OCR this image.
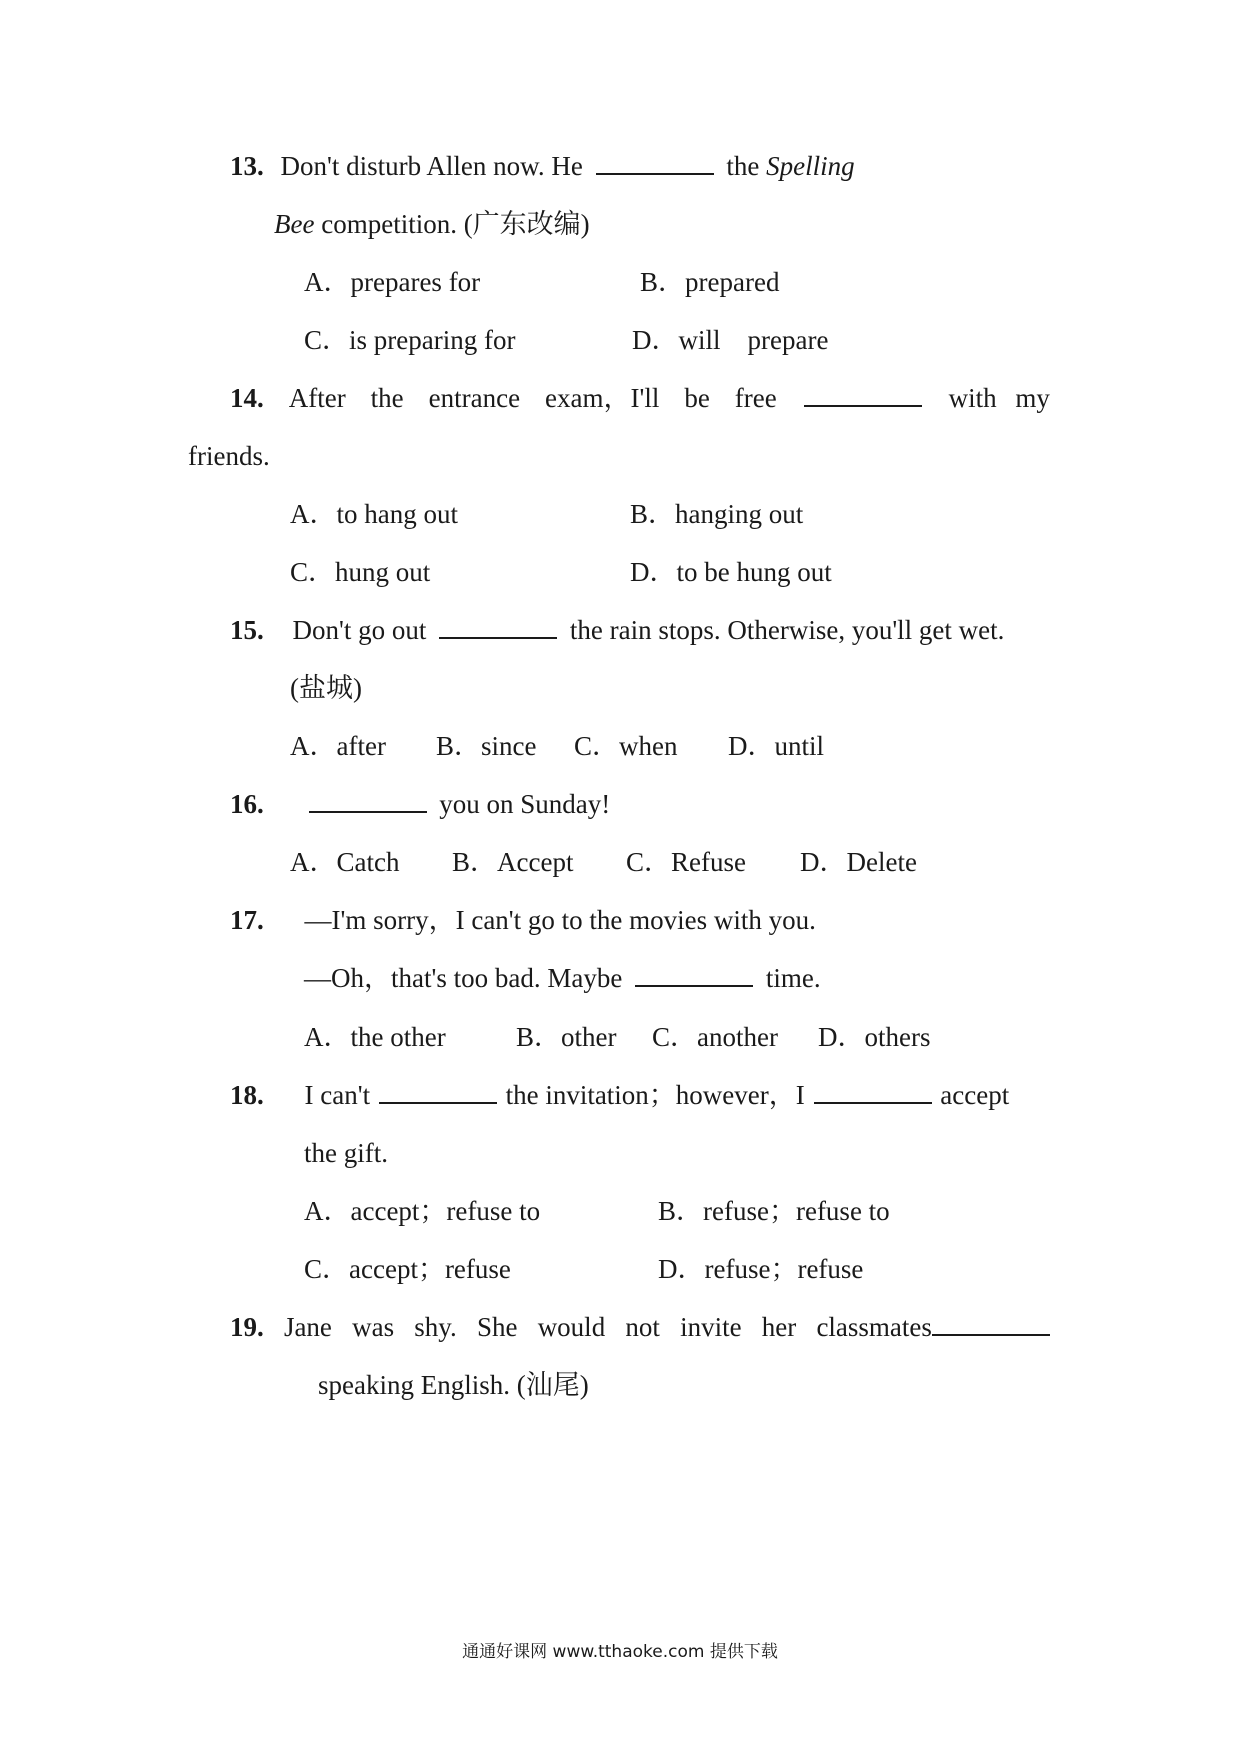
13. Don't disturb Allen now. He	the Spelling
Bee competition. (广东改编)
A．prepares for	B．prepared
C．is preparing for	D．will　prepare
14. After the entrance exam，I'll be free	with my
friends.
A．to hang out	B．hanging out
C．hung out	D．to be hung out
15. Don't go out	the rain stops. Otherwise, you'll get wet.
(盐城)
A．after B．since C．when D．until
16.	you on Sunday!
A．Catch B．Accept C．Refuse D．Delete
17. —I'm sorry，I can't go to the movies with you.
—Oh，that's too bad. Maybe	time.
A．the other	B．other C．another D．others
18. I can't	the invitation；however，I	accept
the gift.
A．accept；refuse to	B．refuse；refuse to
C．accept；refuse	D．refuse；refuse
19. Jane was shy. She would not invite her classmates
speaking English. (汕尾)
通通好课网 www.tthaoke.com 提供下载
